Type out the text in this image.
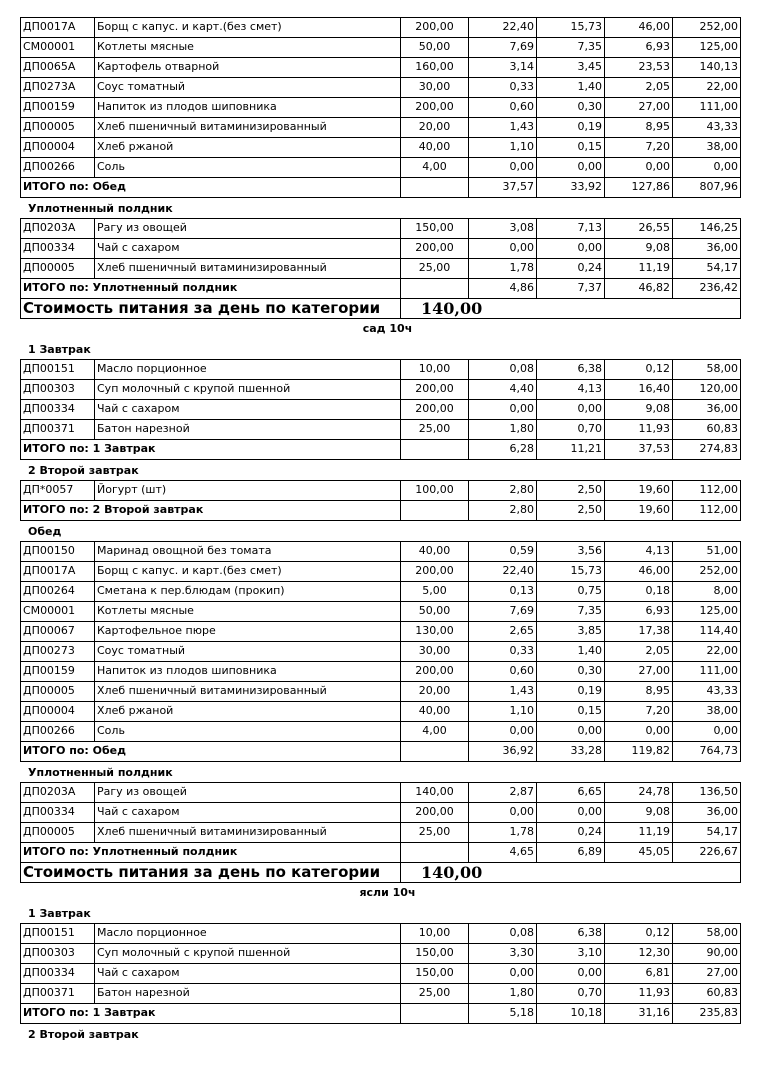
ДП0017А	Борщ с капус. и карт.(без смет)	200,00	22,40	15,73	46,00	252,00
СМ00001	Котлеты мясные	50,00	7,69	7,35	6,93	125,00
ДП0065А	Картофель отварной	160,00	3,14	3,45	23,53	140,13
ДП0273А	Соус томатный	30,00	0,33	1,40	2,05	22,00
ДП00159	Напиток из плодов шиповника	200,00	0,60	0,30	27,00	111,00
ДП00005	Хлеб пшеничный витаминизированный	20,00	1,43	0,19	8,95	43,33
ДП00004	Хлеб ржаной	40,00	1,10	0,15	7,20	38,00
ДП00266	Соль	4,00	0,00	0,00	0,00	0,00
ИТОГО по: Обед			37,57	33,92	127,86	807,96
Уплотненный полдник
ДП0203А	Рагу из овощей	150,00	3,08	7,13	26,55	146,25
ДП00334	Чай с сахаром	200,00	0,00	0,00	9,08	36,00
ДП00005	Хлеб пшеничный витаминизированный	25,00	1,78	0,24	11,19	54,17
ИТОГО по: Уплотненный полдник			4,86	7,37	46,82	236,42
Стоимость питания за день по категории		140,00				
сад 10ч
1 Завтрак
ДП00151	Масло порционное	10,00	0,08	6,38	0,12	58,00
ДП00303	Суп молочный с крупой пшенной	200,00	4,40	4,13	16,40	120,00
ДП00334	Чай с сахаром	200,00	0,00	0,00	9,08	36,00
ДП00371	Батон нарезной	25,00	1,80	0,70	11,93	60,83
ИТОГО по: 1 Завтрак			6,28	11,21	37,53	274,83
2 Второй завтрак
ДП*0057	Йогурт (шт)	100,00	2,80	2,50	19,60	112,00
ИТОГО по: 2 Второй завтрак			2,80	2,50	19,60	112,00
Обед
ДП00150	Маринад овощной без томата	40,00	0,59	3,56	4,13	51,00
ДП0017А	Борщ с капус. и карт.(без смет)	200,00	22,40	15,73	46,00	252,00
ДП00264	Сметана к пер.блюдам (прокип)	5,00	0,13	0,75	0,18	8,00
СМ00001	Котлеты мясные	50,00	7,69	7,35	6,93	125,00
ДП00067	Картофельное пюре	130,00	2,65	3,85	17,38	114,40
ДП00273	Соус томатный	30,00	0,33	1,40	2,05	22,00
ДП00159	Напиток из плодов шиповника	200,00	0,60	0,30	27,00	111,00
ДП00005	Хлеб пшеничный витаминизированный	20,00	1,43	0,19	8,95	43,33
ДП00004	Хлеб ржаной	40,00	1,10	0,15	7,20	38,00
ДП00266	Соль	4,00	0,00	0,00	0,00	0,00
ИТОГО по: Обед			36,92	33,28	119,82	764,73
Уплотненный полдник
ДП0203А	Рагу из овощей	140,00	2,87	6,65	24,78	136,50
ДП00334	Чай с сахаром	200,00	0,00	0,00	9,08	36,00
ДП00005	Хлеб пшеничный витаминизированный	25,00	1,78	0,24	11,19	54,17
ИТОГО по: Уплотненный полдник			4,65	6,89	45,05	226,67
Стоимость питания за день по категории		140,00				
ясли 10ч
1 Завтрак
ДП00151	Масло порционное	10,00	0,08	6,38	0,12	58,00
ДП00303	Суп молочный с крупой пшенной	150,00	3,30	3,10	12,30	90,00
ДП00334	Чай с сахаром	150,00	0,00	0,00	6,81	27,00
ДП00371	Батон нарезной	25,00	1,80	0,70	11,93	60,83
ИТОГО по: 1 Завтрак			5,18	10,18	31,16	235,83
2 Второй завтрак
